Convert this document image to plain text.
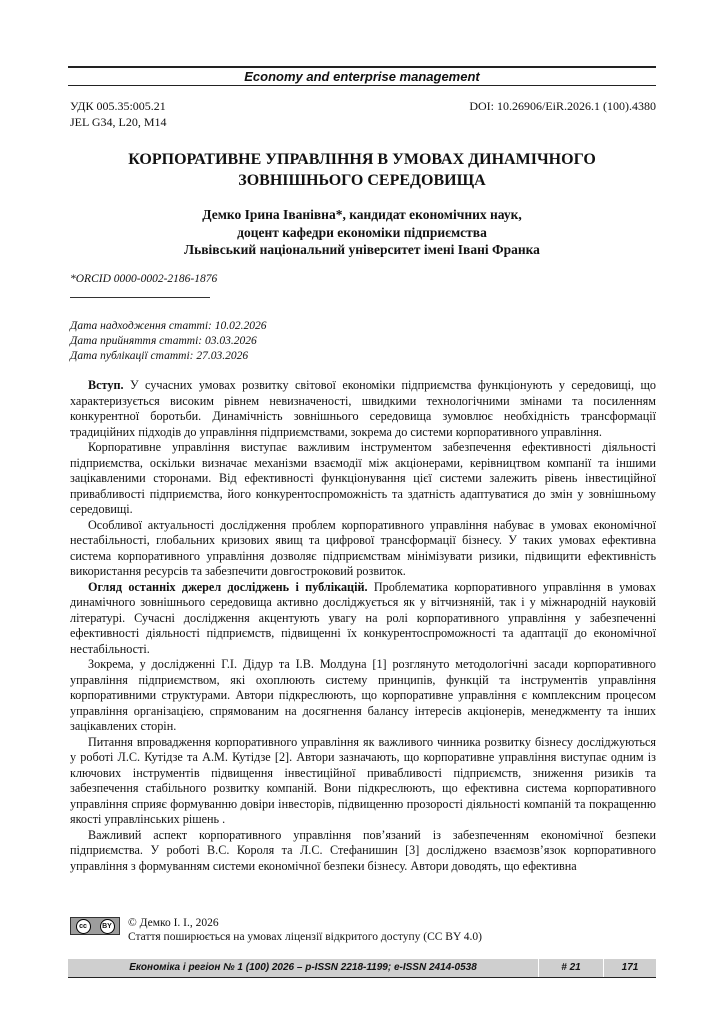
Economy and enterprise management
УДК 005.35:005.21
JEL G34, L20, M14
DOI: 10.26906/EiR.2026.1 (100).4380
КОРПОРАТИВНЕ УПРАВЛІННЯ В УМОВАХ ДИНАМІЧНОГО
ЗОВНІШНЬОГО СЕРЕДОВИЩА
Демко Ірина Іванівна*, кандидат економічних наук,
доцент кафедри економіки підприємства
Львівський національний університет імені Івані Франка
*ORCID 0000-0002-2186-1876
Дата надходження статті: 10.02.2026
Дата прийняття статті: 03.03.2026
Дата публікації статті: 27.03.2026

Вступ. У сучасних умовах розвитку світової економіки підприємства функціонують у середовищі, що характеризується високим рівнем невизначеності, швидкими технологічними змінами та посиленням конкурентної боротьби. Динамічність зовнішнього середовища зумовлює необхідність трансформації традиційних підходів до управління підприємствами, зокрема до системи корпоративного управління.

Корпоративне управління виступає важливим інструментом забезпечення ефективності діяльності підприємства, оскільки визначає механізми взаємодії між акціонерами, керівництвом компанії та іншими зацікавленими сторонами. Від ефективності функціонування цієї системи залежить рівень інвестиційної привабливості підприємства, його конкурентоспроможність та здатність адаптуватися до змін у зовнішньому середовищі.

Особливої актуальності дослідження проблем корпоративного управління набуває в умовах економічної нестабільності, глобальних кризових явищ та цифрової трансформації бізнесу. У таких умовах ефективна система корпоративного управління дозволяє підприємствам мінімізувати ризики, підвищити ефективність використання ресурсів та забезпечити довгостроковий розвиток.

Огляд останніх джерел досліджень і публікацій. Проблематика корпоративного управління в умовах динамічного зовнішнього середовища активно досліджується як у вітчизняній, так і у міжнародній науковій літературі. Сучасні дослідження акцентують увагу на ролі корпоративного управління у забезпеченні ефективності діяльності підприємств, підвищенні їх конкурентоспроможності та адаптації до економічної нестабільності.

Зокрема, у дослідженні Г.І. Дідур та І.В. Молдуна [1] розглянуто методологічні засади корпоративного управління підприємством, які охоплюють систему принципів, функцій та інструментів управління корпоративними структурами. Автори підкреслюють, що корпоративне управління є комплексним процесом управління організацією, спрямованим на досягнення балансу інтересів акціонерів, менеджменту та інших зацікавлених сторін.

Питання впровадження корпоративного управління як важливого чинника розвитку бізнесу досліджуються у роботі Л.С. Кутідзе та А.М. Кутідзе [2]. Автори зазначають, що корпоративне управління виступає одним із ключових інструментів підвищення інвестиційної привабливості підприємств, зниження ризиків та забезпечення стабільного розвитку компаній. Вони підкреслюють, що ефективна система корпоративного управління сприяє формуванню довіри інвесторів, підвищенню прозорості діяльності компаній та покращенню якості управлінських рішень .

Важливий аспект корпоративного управління пов’язаний із забезпеченням економічної безпеки підприємства. У роботі В.С. Короля та Л.С. Стефанишин [3] досліджено взаємозв’язок корпоративного управління з формуванням системи економічної безпеки бізнесу. Автори доводять, що ефективна

cc	BY © Демко І. І., 2026
Стаття поширюється на умовах ліцензії відкритого доступу (CC BY 4.0)
Економіка і регіон № 1 (100) 2026 – p-ISSN 2218-1199; e-ISSN 2414-0538	# 21	171
